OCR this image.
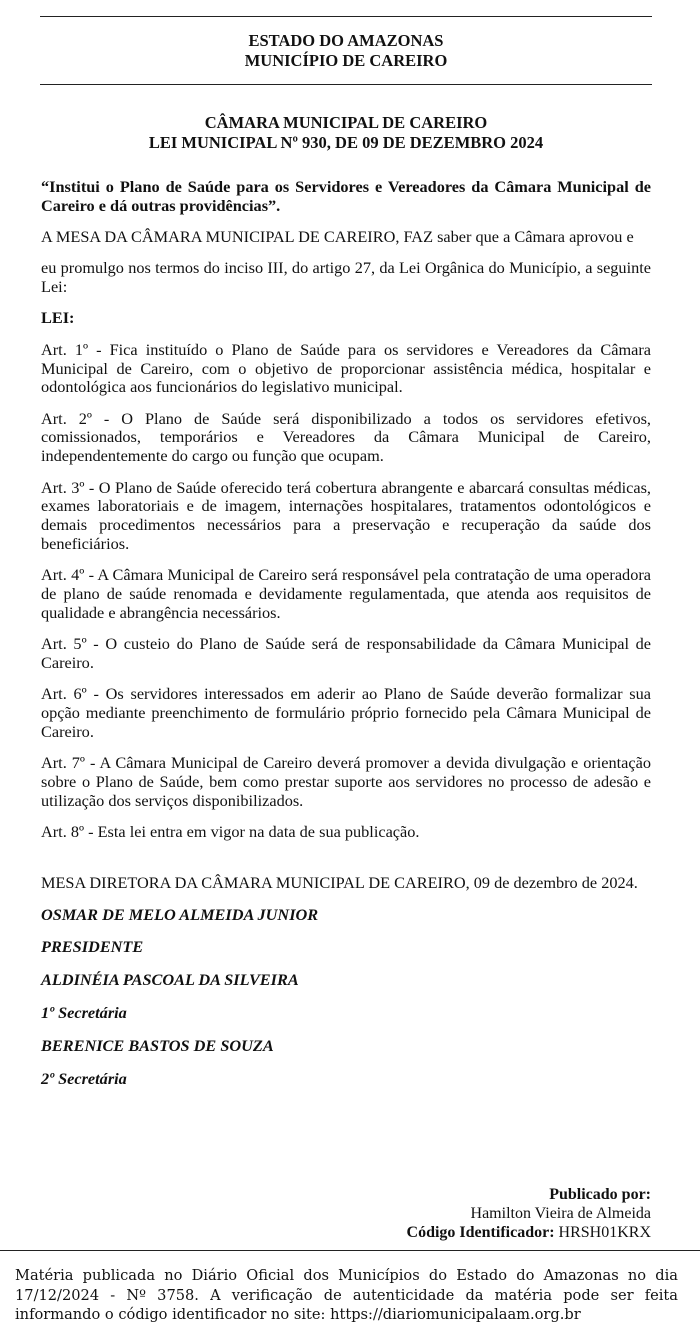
ESTADO DO AMAZONAS
MUNICÍPIO DE CAREIRO
CÂMARA MUNICIPAL DE CAREIRO
LEI MUNICIPAL Nº 930, DE 09 DE DEZEMBRO 2024

“Institui o Plano de Saúde para os Servidores e Vereadores da Câmara Municipal de Careiro e dá outras providências”.

A MESA DA CÂMARA MUNICIPAL DE CAREIRO, FAZ saber que a Câmara aprovou e

eu promulgo nos termos do inciso III, do artigo 27, da Lei Orgânica do Município, a seguinte Lei:

LEI:

Art. 1º - Fica instituído o Plano de Saúde para os servidores e Vereadores da Câmara Municipal de Careiro, com o objetivo de proporcionar assistência médica, hospitalar e odontológica aos funcionários do legislativo municipal.

Art. 2º - O Plano de Saúde será disponibilizado a todos os servidores efetivos, comissionados, temporários e Vereadores da Câmara Municipal de Careiro, independentemente do cargo ou função que ocupam.

Art. 3º - O Plano de Saúde oferecido terá cobertura abrangente e abarcará consultas médicas, exames laboratoriais e de imagem, internações hospitalares, tratamentos odontológicos e demais procedimentos necessários para a preservação e recuperação da saúde dos beneficiários.

Art. 4º - A Câmara Municipal de Careiro será responsável pela contratação de uma operadora de plano de saúde renomada e devidamente regulamentada, que atenda aos requisitos de qualidade e abrangência necessários.

Art. 5º - O custeio do Plano de Saúde será de responsabilidade da Câmara Municipal de Careiro.

Art. 6º - Os servidores interessados em aderir ao Plano de Saúde deverão formalizar sua opção mediante preenchimento de formulário próprio fornecido pela Câmara Municipal de Careiro.

Art. 7º - A Câmara Municipal de Careiro deverá promover a devida divulgação e orientação sobre o Plano de Saúde, bem como prestar suporte aos servidores no processo de adesão e utilização dos serviços disponibilizados.

Art. 8º - Esta lei entra em vigor na data de sua publicação.

MESA DIRETORA DA CÂMARA MUNICIPAL DE CAREIRO, 09 de dezembro de 2024.

OSMAR DE MELO ALMEIDA JUNIOR

PRESIDENTE

ALDINÉIA PASCOAL DA SILVEIRA

1º Secretária

BERENICE BASTOS DE SOUZA

2º Secretária

Publicado por:
Hamilton Vieira de Almeida
Código Identificador: HRSH01KRX
Matéria publicada no Diário Oficial dos Municípios do Estado do Amazonas no dia 17/12/2024 - Nº 3758. A verificação de autenticidade da matéria pode ser feita informando o código identificador no site: https://diariomunicipalaam.org.br
